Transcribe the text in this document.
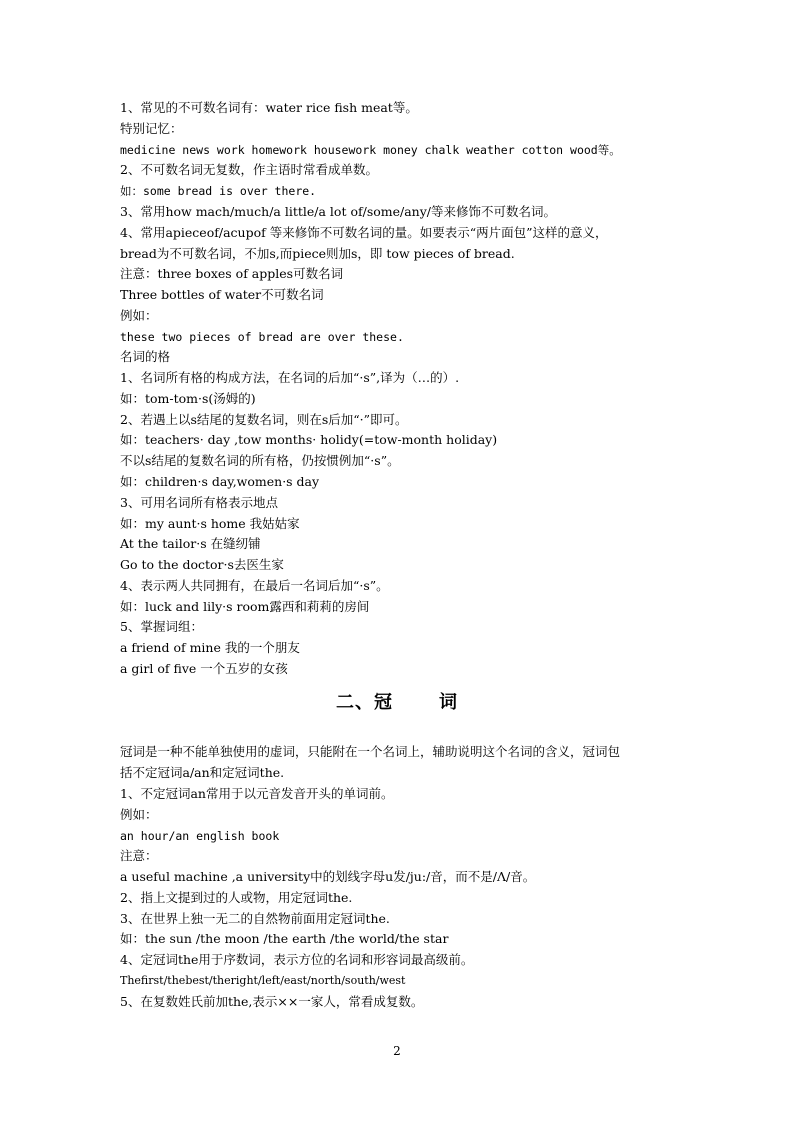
1、常见的不可数名词有：water rice fish meat等。
特别记忆：
medicine news work homework housework money chalk weather cotton wood等。
2、不可数名词无复数，作主语时常看成单数。
如：some bread is over there.
3、常用how mach/much/a little/a lot of/some/any/等来修饰不可数名词。
4、常用apieceof/acupof 等来修饰不可数名词的量。如要表示“两片面包”这样的意义，
bread为不可数名词，不加s,而piece则加s，即 tow pieces of bread.
注意：three boxes of apples可数名词
Three bottles of water不可数名词
例如：
these two pieces of bread are over these.
名词的格
1、名词所有格的构成方法，在名词的后加“·s”,译为（…的）.
如：tom-tom·s(汤姆的)
2、若遇上以s结尾的复数名词，则在s后加“·”即可。
如：teachers· day ,tow months· holidy(=tow-month holiday)
不以s结尾的复数名词的所有格，仍按惯例加“·s”。
如：children·s day,women·s day
3、可用名词所有格表示地点
如：my aunt·s home 我姑姑家
At the tailor·s 在缝纫铺
Go to the doctor·s去医生家
4、表示两人共同拥有，在最后一名词后加“·s”。
如：luck and lily·s room露西和莉莉的房间
5、掌握词组：
a friend of mine 我的一个朋友
a girl of five 一个五岁的女孩
二、冠	词
冠词是一种不能单独使用的虚词，只能附在一个名词上，辅助说明这个名词的含义，冠词包
括不定冠词a/an和定冠词the.
1、不定冠词an常用于以元音发音开头的单词前。
例如：
an hour/an english book
注意：
a useful machine ,a university中的划线字母u发/ju:/音，而不是/Λ/音。
2、指上文提到过的人或物，用定冠词the.
3、在世界上独一无二的自然物前面用定冠词the.
如：the sun /the moon /the earth /the world/the star
4、定冠词the用于序数词，表示方位的名词和形容词最高级前。
Thefirst/thebest/theright/left/east/north/south/west
5、在复数姓氏前加the,表示××一家人，常看成复数。
2
